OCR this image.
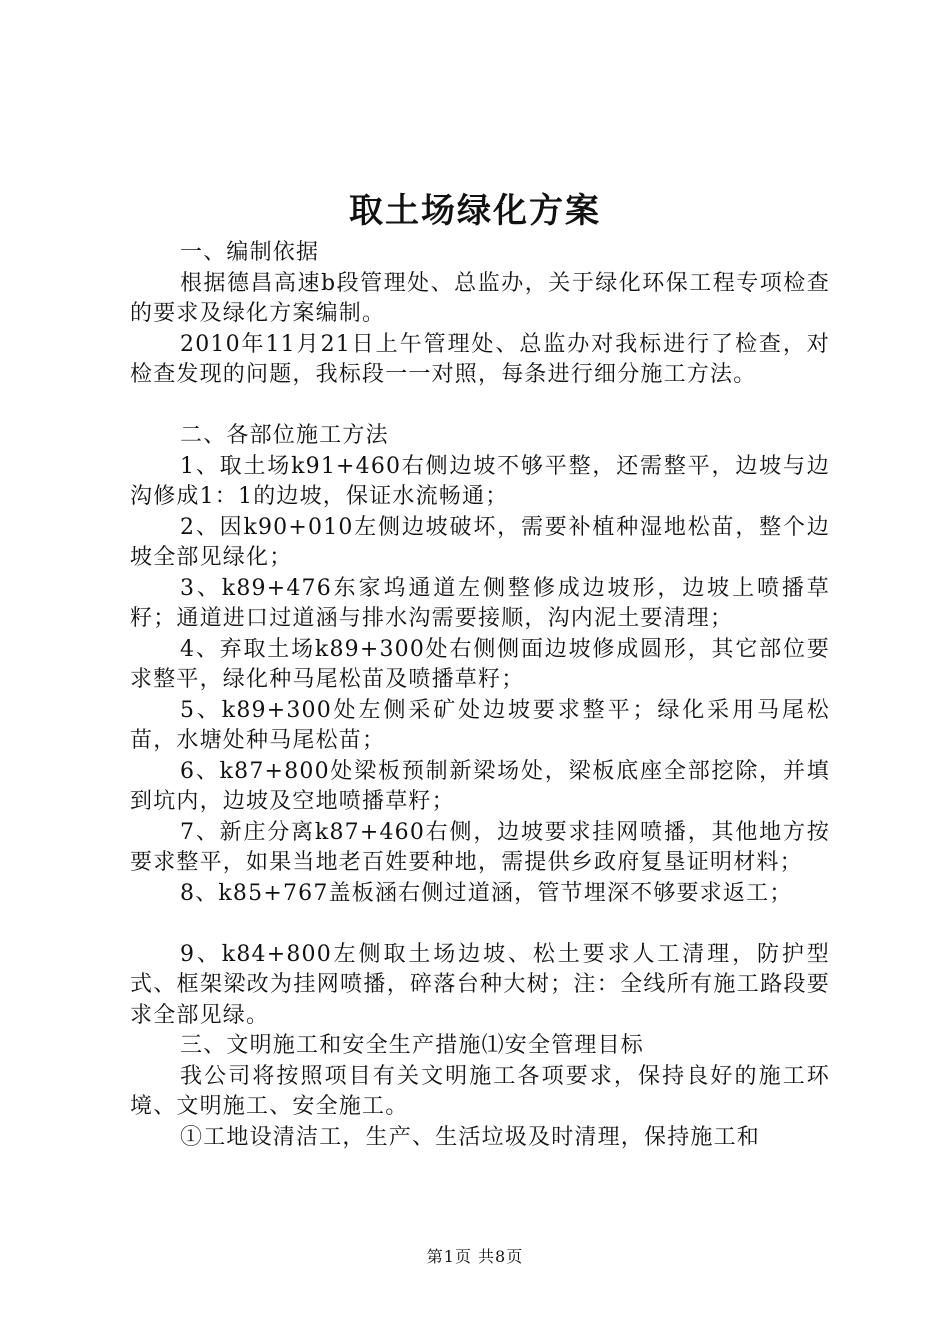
取土场绿化方案

一、编制依据

根据德昌高速b段管理处、总监办，关于绿化环保工程专项检查的要求及绿化方案编制。

2010年11月21日上午管理处、总监办对我标进行了检查，对检查发现的问题，我标段一一对照，每条进行细分施工方法。

二、各部位施工方法

1、取土场k91+460右侧边坡不够平整，还需整平，边坡与边沟修成1：1的边坡，保证水流畅通；

2、因k90+010左侧边坡破坏，需要补植种湿地松苗，整个边坡全部见绿化；

3、k89+476东家坞通道左侧整修成边坡形，边坡上喷播草籽；通道进口过道涵与排水沟需要接顺，沟内泥土要清理；

4、弃取土场k89+300处右侧侧面边坡修成圆形，其它部位要求整平，绿化种马尾松苗及喷播草籽；

5、k89+300处左侧采矿处边坡要求整平；绿化采用马尾松苗，水塘处种马尾松苗；

6、k87+800处梁板预制新梁场处，梁板底座全部挖除，并填到坑内，边坡及空地喷播草籽；

7、新庄分离k87+460右侧，边坡要求挂网喷播，其他地方按要求整平，如果当地老百姓要种地，需提供乡政府复垦证明材料；

8、k85+767盖板涵右侧过道涵，管节埋深不够要求返工；

9、k84+800左侧取土场边坡、松土要求人工清理，防护型式、框架梁改为挂网喷播，碎落台种大树；注：全线所有施工路段要求全部见绿。

三、文明施工和安全生产措施⑴安全管理目标

我公司将按照项目有关文明施工各项要求，保持良好的施工环境、文明施工、安全施工。

①工地设清洁工，生产、生活垃圾及时清理，保持施工和

第1页 共8页
